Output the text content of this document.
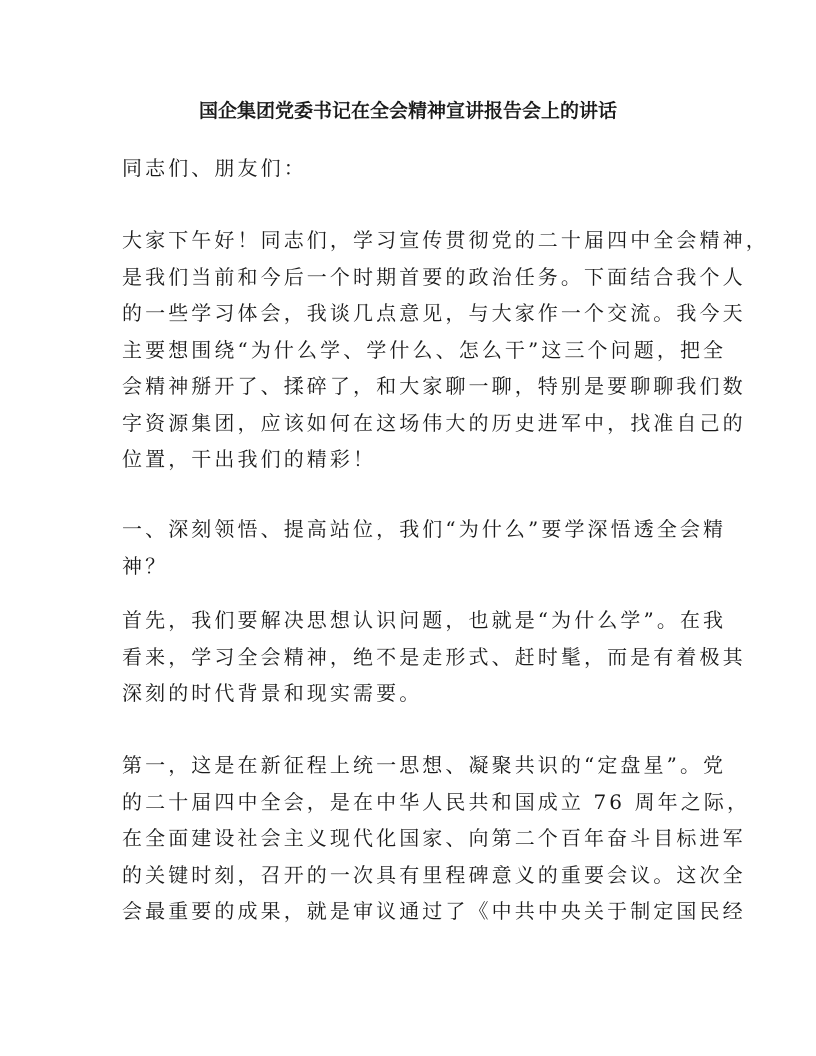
国企集团党委书记在全会精神宣讲报告会上的讲话

同志们、朋友们：

大家下午好！同志们，学习宣传贯彻党的二十届四中全会精神，
是我们当前和今后一个时期首要的政治任务。下面结合我个人
的一些学习体会，我谈几点意见，与大家作一个交流。我今天
主要想围绕“为什么学、学什么、怎么干”这三个问题，把全
会精神掰开了、揉碎了，和大家聊一聊，特别是要聊聊我们数
字资源集团，应该如何在这场伟大的历史进军中，找准自己的
位置，干出我们的精彩！

一、深刻领悟、提高站位，我们“为什么”要学深悟透全会精
神？

首先，我们要解决思想认识问题，也就是“为什么学”。在我
看来，学习全会精神，绝不是走形式、赶时髦，而是有着极其
深刻的时代背景和现实需要。

第一，这是在新征程上统一思想、凝聚共识的“定盘星”。党
的二十届四中全会，是在中华人民共和国成立 76 周年之际，
在全面建设社会主义现代化国家、向第二个百年奋斗目标进军
的关键时刻，召开的一次具有里程碑意义的重要会议。这次全
会最重要的成果，就是审议通过了《中共中央关于制定国民经
